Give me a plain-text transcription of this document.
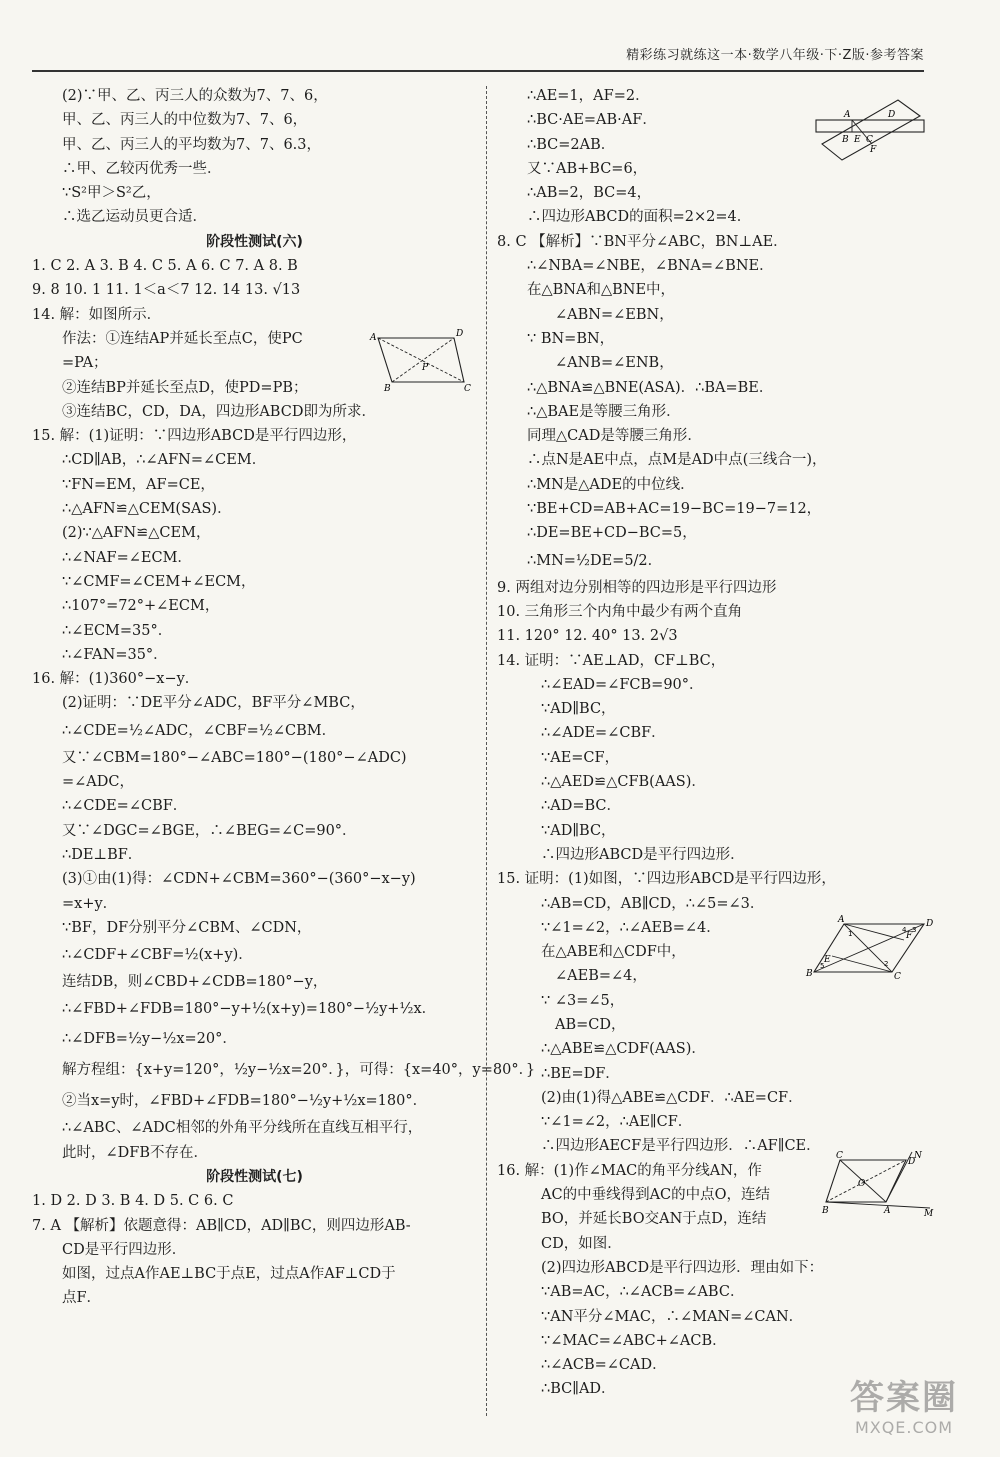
精彩练习就练这一本·数学八年级·下·Z版·参考答案
(2)∵甲、乙、丙三人的众数为7、7、6，
甲、乙、丙三人的中位数为7、7、6，
甲、乙、丙三人的平均数为7、7、6.3，
∴甲、乙较丙优秀一些．
∵S²甲＞S²乙，
∴选乙运动员更合适．
阶段性测试(六)
1. C 2. A 3. B 4. C 5. A 6. C 7. A 8. B
9. 8 10. 1 11. 1＜a＜7 12. 14 13. √13
14. 解：如图所示．
作法：①连结AP并延长至点C，使PC
=PA；
②连结BP并延长至点D，使PD=PB；
③连结BC，CD，DA，四边形ABCD即为所求．
15. 解：(1)证明：∵四边形ABCD是平行四边形，
∴CD∥AB，∴∠AFN=∠CEM．
∵FN=EM，AF=CE，
∴△AFN≌△CEM(SAS)．
(2)∵△AFN≌△CEM，
∴∠NAF=∠ECM．
∵∠CMF=∠CEM+∠ECM，
∴107°=72°+∠ECM，
∴∠ECM=35°．
∴∠FAN=35°．
16. 解：(1)360°−x−y．
(2)证明：∵DE平分∠ADC，BF平分∠MBC，
∴∠CDE=½∠ADC，∠CBF=½∠CBM．
又∵∠CBM=180°−∠ABC=180°−(180°−∠ADC)
=∠ADC，
∴∠CDE=∠CBF．
又∵∠DGC=∠BGE，∴∠BEG=∠C=90°．
∴DE⊥BF．
(3)①由(1)得：∠CDN+∠CBM=360°−(360°−x−y)
=x+y．
∵BF，DF分别平分∠CBM、∠CDN，
∴∠CDF+∠CBF=½(x+y)．
连结DB，则∠CBD+∠CDB=180°−y，
∴∠FBD+∠FDB=180°−y+½(x+y)=180°−½y+½x．
∴∠DFB=½y−½x=20°．
解方程组：{x+y=120°，½y−½x=20°．}，可得：{x=40°，y=80°．}
②当x=y时，∠FBD+∠FDB=180°−½y+½x=180°．
∴∠ABC、∠ADC相邻的外角平分线所在直线互相平行，
此时，∠DFB不存在．
阶段性测试(七)
1. D 2. D 3. B 4. D 5. C 6. C
7. A 【解析】依题意得：AB∥CD，AD∥BC，则四边形AB-
CD是平行四边形．
如图，过点A作AE⊥BC于点E，过点A作AF⊥CD于
点F．
∴AE=1，AF=2．
∴BC·AE=AB·AF．
∴BC=2AB．
又∵AB+BC=6，
∴AB=2，BC=4，
∴四边形ABCD的面积=2×2=4．
8. C 【解析】∵BN平分∠ABC，BN⊥AE．
∴∠NBA=∠NBE，∠BNA=∠BNE．
在△BNA和△BNE中，
∠ABN=∠EBN，
∵ BN=BN，
∠ANB=∠ENB，
∴△BNA≌△BNE(ASA)．∴BA=BE．
∴△BAE是等腰三角形．
同理△CAD是等腰三角形．
∴点N是AE中点，点M是AD中点(三线合一)，
∴MN是△ADE的中位线．
∵BE+CD=AB+AC=19−BC=19−7=12，
∴DE=BE+CD−BC=5，
∴MN=½DE=5/2．
9. 两组对边分别相等的四边形是平行四边形
10. 三角形三个内角中最少有两个直角
11. 120° 12. 40° 13. 2√3
14. 证明：∵AE⊥AD，CF⊥BC，
∴∠EAD=∠FCB=90°．
∵AD∥BC，
∴∠ADE=∠CBF．
∵AE=CF，
∴△AED≌△CFB(AAS)．
∴AD=BC．
∵AD∥BC，
∴四边形ABCD是平行四边形．
15. 证明：(1)如图，∵四边形ABCD是平行四边形，
∴AB=CD，AB∥CD，∴∠5=∠3．
∵∠1=∠2，∴∠AEB=∠4．
在△ABE和△CDF中，
∠AEB=∠4，
∵ ∠3=∠5，
AB=CD，
∴△ABE≌△CDF(AAS)．
∴BE=DF．
(2)由(1)得△ABE≌△CDF．∴AE=CF．
∵∠1=∠2，∴AE∥CF．
∴四边形AECF是平行四边形．∴AF∥CE．
16. 解：(1)作∠MAC的角平分线AN，作
AC的中垂线得到AC的中点O，连结
BO，并延长BO交AN于点D，连结
CD，如图．
(2)四边形ABCD是平行四边形．理由如下：
∵AB=AC，∴∠ACB=∠ABC．
∵AN平分∠MAC，∴∠MAN=∠CAN．
∵∠MAC=∠ABC+∠ACB．
∴∠ACB=∠CAD．
∴BC∥AD．
A	D
P
B	C
A	D
B E C
F
A	D
B	C
E
F
1
2
3
4
5
C
D
N
O
B	A	M
答案圈
MXQE.COM
